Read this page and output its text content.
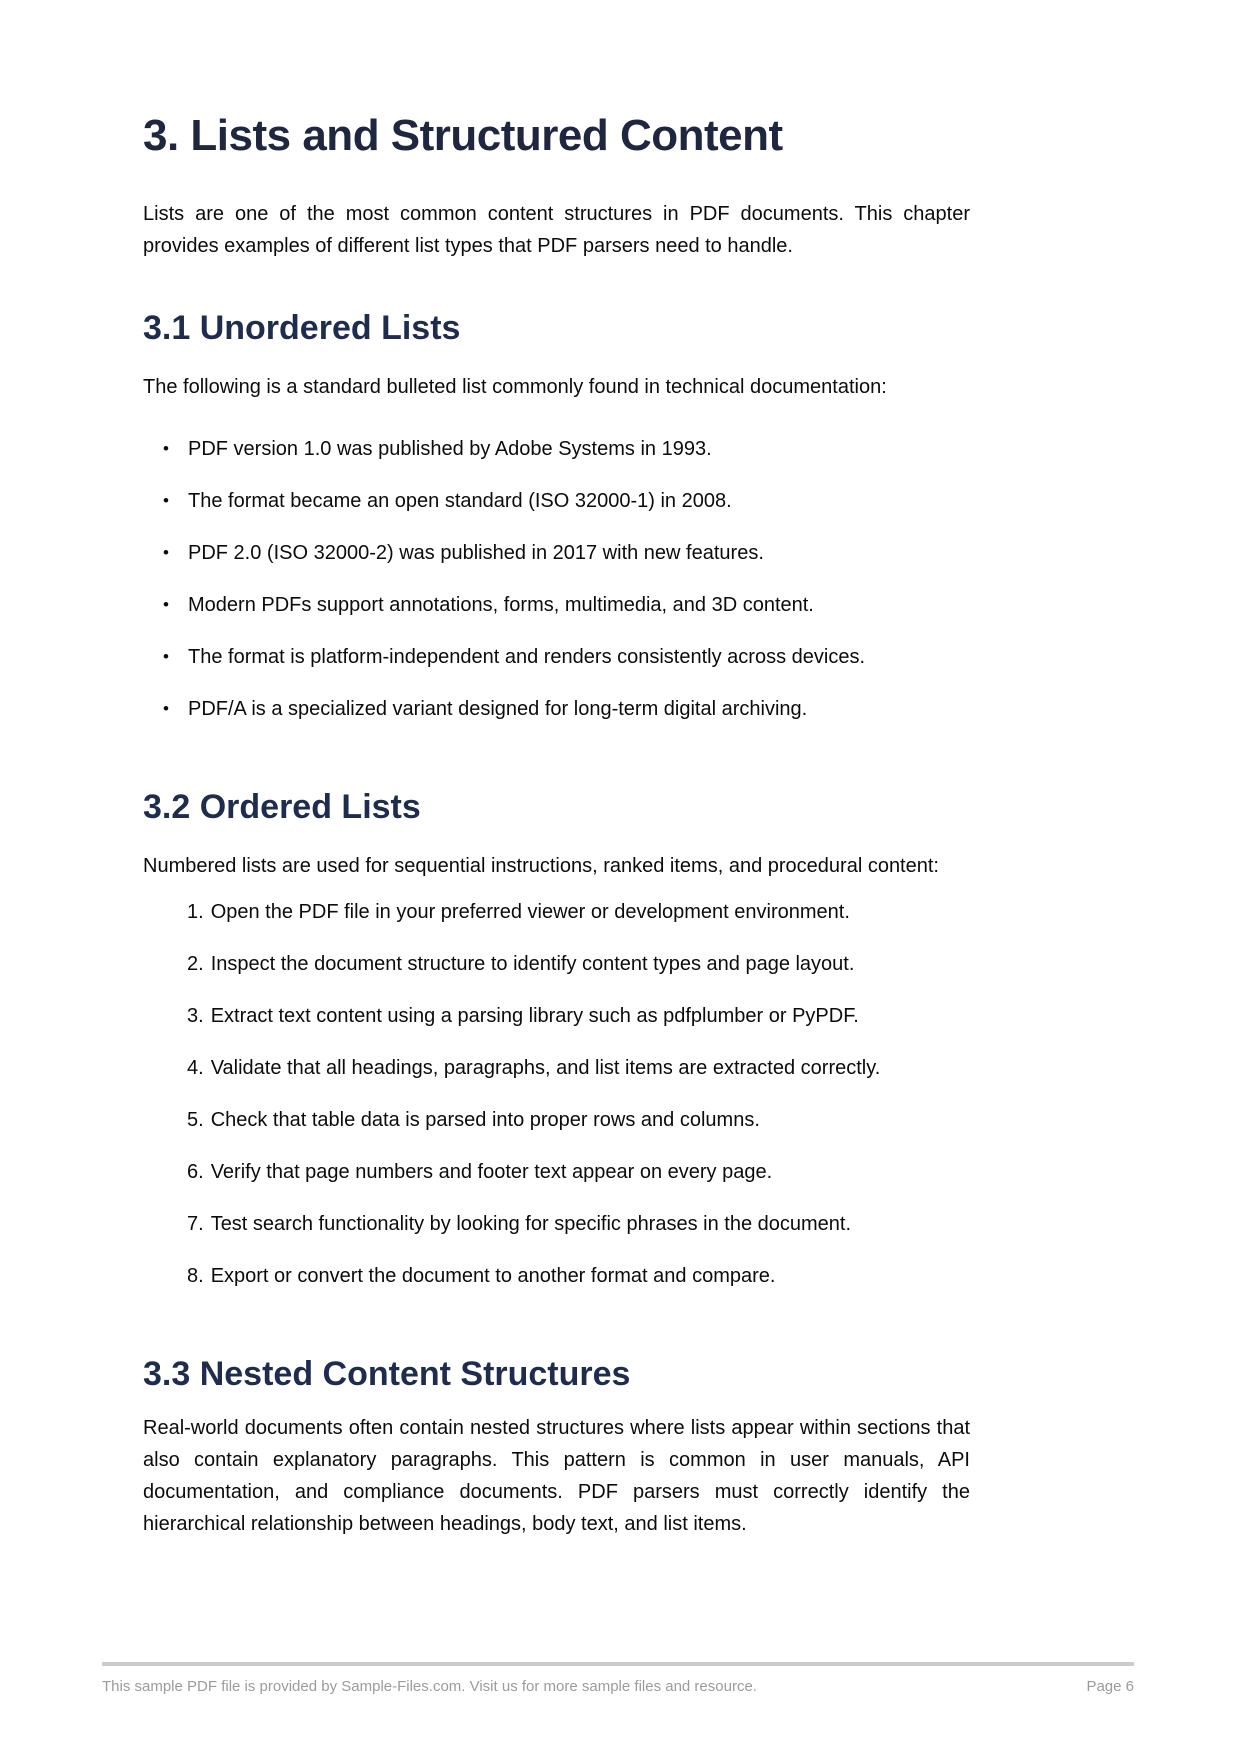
3. Lists and Structured Content

Lists are one of the most common content structures in PDF documents. This chapter provides examples of different list types that PDF parsers need to handle.

3.1 Unordered Lists

The following is a standard bulleted list commonly found in technical documentation:

• PDF version 1.0 was published by Adobe Systems in 1993.
• The format became an open standard (ISO 32000-1) in 2008.
• PDF 2.0 (ISO 32000-2) was published in 2017 with new features.
• Modern PDFs support annotations, forms, multimedia, and 3D content.
• The format is platform-independent and renders consistently across devices.
• PDF/A is a specialized variant designed for long-term digital archiving.
3.2 Ordered Lists

Numbered lists are used for sequential instructions, ranked items, and procedural content:

1. Open the PDF file in your preferred viewer or development environment.
2. Inspect the document structure to identify content types and page layout.
3. Extract text content using a parsing library such as pdfplumber or PyPDF.
4. Validate that all headings, paragraphs, and list items are extracted correctly.
5. Check that table data is parsed into proper rows and columns.
6. Verify that page numbers and footer text appear on every page.
7. Test search functionality by looking for specific phrases in the document.
8. Export or convert the document to another format and compare.
3.3 Nested Content Structures

Real-world documents often contain nested structures where lists appear within sections that also contain explanatory paragraphs. This pattern is common in user manuals, API documentation, and compliance documents. PDF parsers must correctly identify the hierarchical relationship between headings, body text, and list items.

This sample PDF file is provided by Sample-Files.com. Visit us for more sample files and resource.	Page 6
